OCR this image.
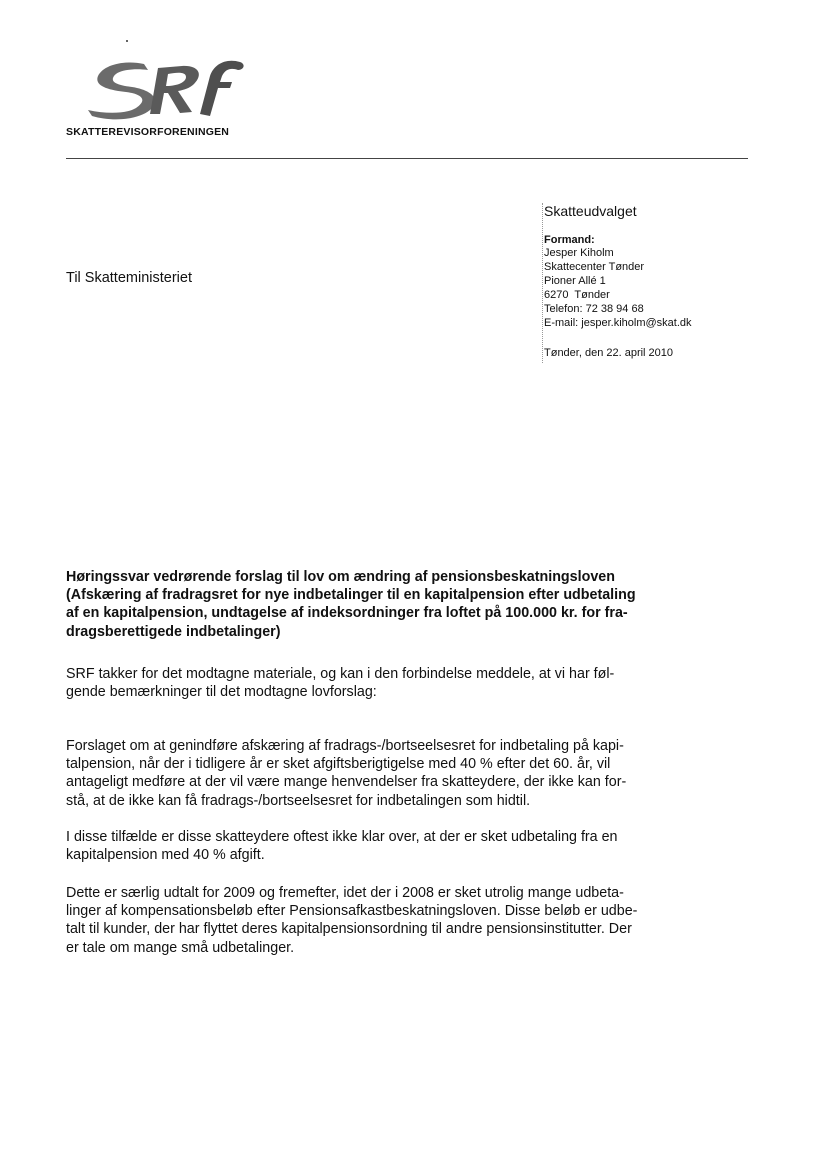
SKATTEREVISORFORENINGEN
Skatteudvalget
Formand:
Jesper Kiholm
Skattecenter Tønder
Pioner Allé 1
6270  Tønder
Telefon: 72 38 94 68
E-mail: jesper.kiholm@skat.dk
Tønder, den 22. april 2010
Til Skatteministeriet
Høringssvar vedrørende forslag til lov om ændring af pensionsbeskatningsloven
(Afskæring af fradragsret for nye indbetalinger til en kapitalpension efter udbetaling
af en kapitalpension, undtagelse af indeksordninger fra loftet på 100.000 kr. for fra-
dragsberettigede indbetalinger)
SRF takker for det modtagne materiale, og kan i den forbindelse meddele, at vi har føl-
gende bemærkninger til det modtagne lovforslag:
Forslaget om at genindføre afskæring af fradrags-/bortseelsesret for indbetaling på kapi-
talpension, når der i tidligere år er sket afgiftsberigtigelse med 40 % efter det 60. år, vil
antageligt medføre at der vil være mange henvendelser fra skatteydere, der ikke kan for-
stå, at de ikke kan få fradrags-/bortseelsesret for indbetalingen som hidtil.
I disse tilfælde er disse skatteydere oftest ikke klar over, at der er sket udbetaling fra en
kapitalpension med 40 % afgift.
Dette er særlig udtalt for 2009 og fremefter, idet der i 2008 er sket utrolig mange udbeta-
linger af kompensationsbeløb efter Pensionsafkastbeskatningsloven. Disse beløb er udbe-
talt til kunder, der har flyttet deres kapitalpensionsordning til andre pensionsinstitutter. Der
er tale om mange små udbetalinger.
